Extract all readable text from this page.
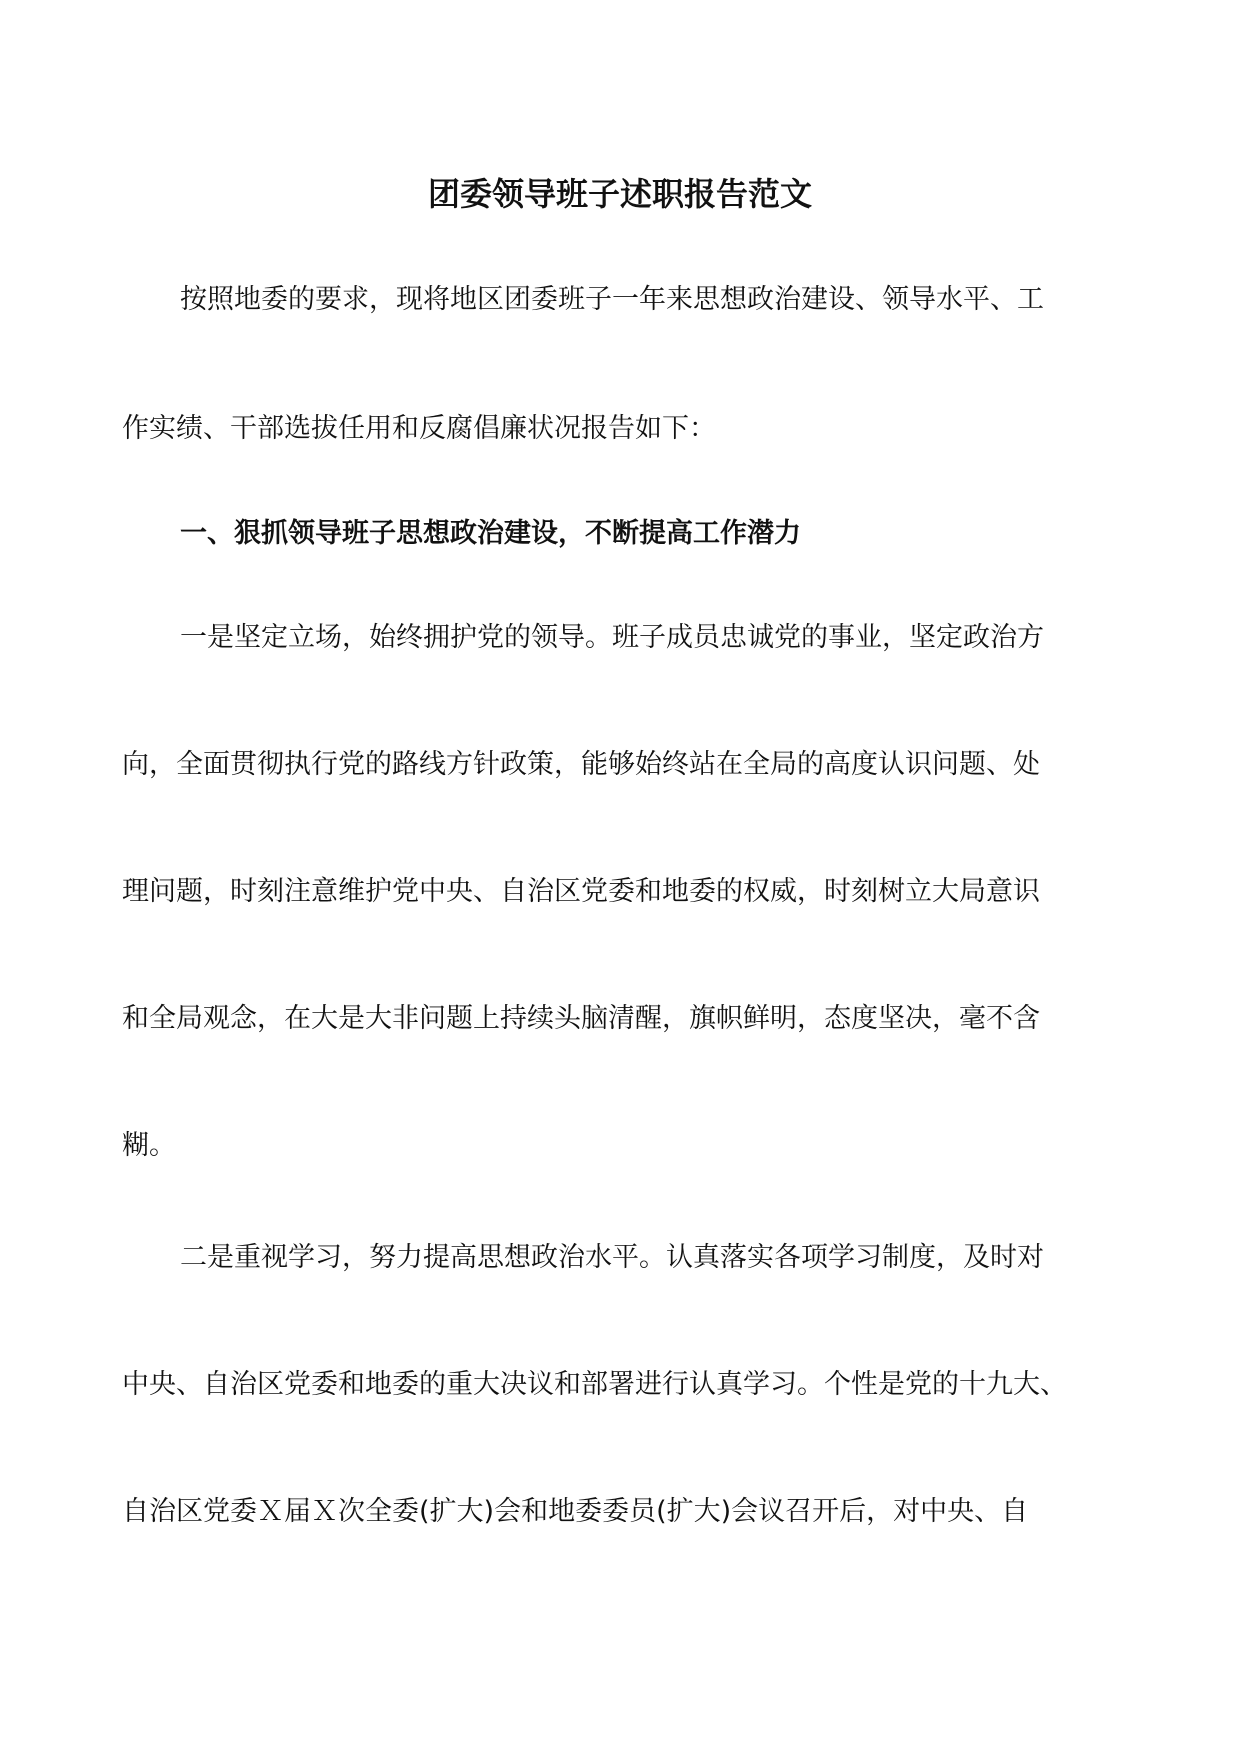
团委领导班子述职报告范文
按照地委的要求，现将地区团委班子一年来思想政治建设、领导水平、工
作实绩、干部选拔任用和反腐倡廉状况报告如下：
一、狠抓领导班子思想政治建设，不断提高工作潜力
一是坚定立场，始终拥护党的领导。班子成员忠诚党的事业，坚定政治方
向，全面贯彻执行党的路线方针政策，能够始终站在全局的高度认识问题、处
理问题，时刻注意维护党中央、自治区党委和地委的权威，时刻树立大局意识
和全局观念，在大是大非问题上持续头脑清醒，旗帜鲜明，态度坚决，毫不含
糊。
二是重视学习，努力提高思想政治水平。认真落实各项学习制度，及时对
中央、自治区党委和地委的重大决议和部署进行认真学习。个性是党的十九大、
自治区党委Ｘ届Ｘ次全委(扩大)会和地委委员(扩大)会议召开后，对中央、自
